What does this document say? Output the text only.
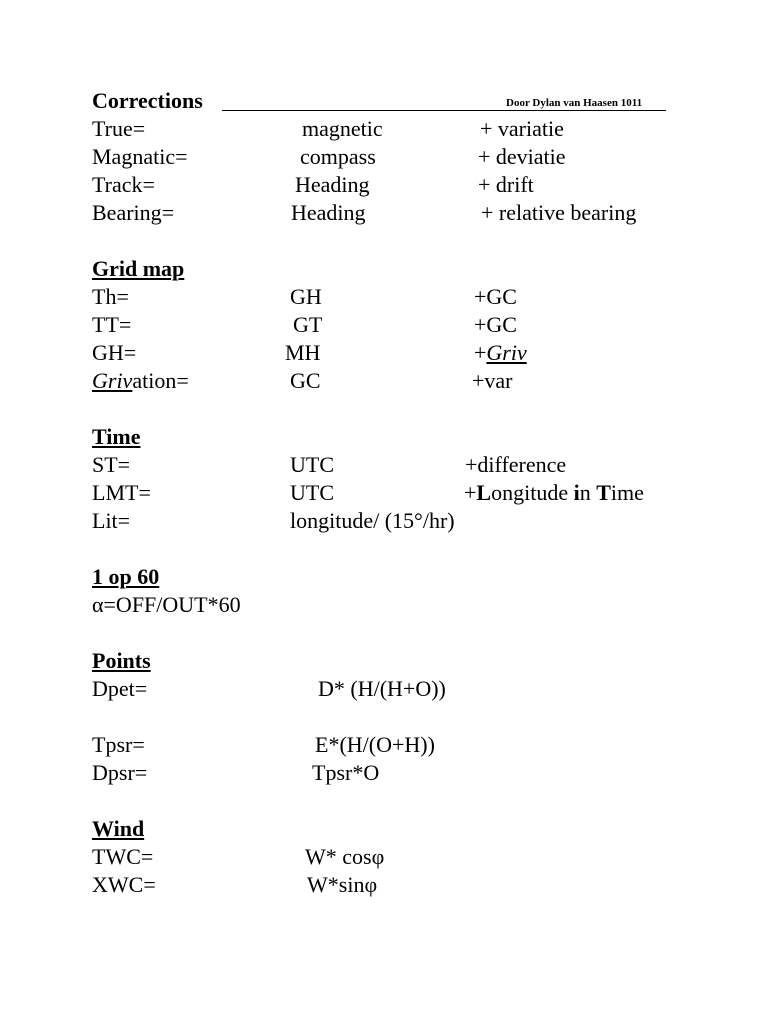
Corrections	Door Dylan van Haasen 1011
True=	magnetic	+ variatie
Magnatic=	compass	+ deviatie
Track=	Heading	+ drift
Bearing=	Heading	+ relative bearing
Grid map
Th=	GH	+GC
TT=	GT	+GC
GH=	MH	+Griv
Grivation=	GC	+var
Time
ST=	UTC	+difference
LMT=	UTC	+Longitude in Time
Lit=	longitude/ (15°/hr)
1 op 60
α=OFF/OUT*60
Points
Dpet=	D* (H/(H+O))
Tpsr=	E*(H/(O+H))
Dpsr=	Tpsr*O
Wind
TWC=	W* cosφ
XWC=	W*sinφ
